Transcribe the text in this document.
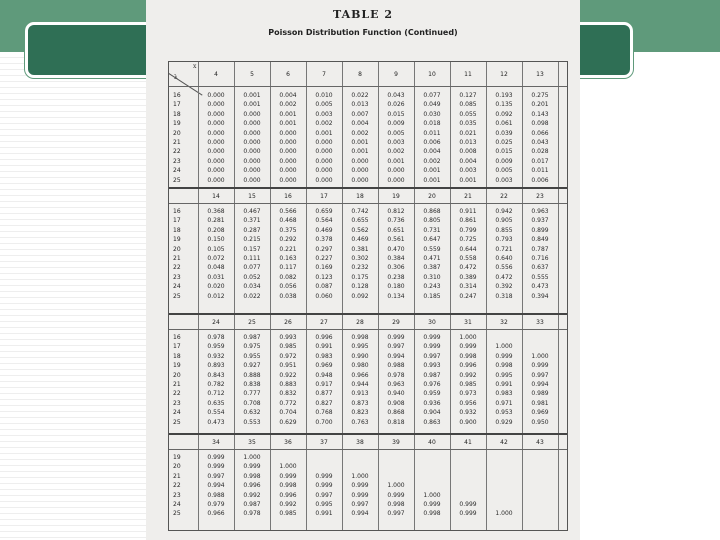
TABLE 2
Poisson Distribution Function (Continued)
λ
x
4	5	6	7	8	9	10	11	12	13
16	0.000	0.001	0.004	0.010	0.022	0.043	0.077	0.127	0.193	0.275
17	0.000	0.001	0.002	0.005	0.013	0.026	0.049	0.085	0.135	0.201
18	0.000	0.000	0.001	0.003	0.007	0.015	0.030	0.055	0.092	0.143
19	0.000	0.000	0.001	0.002	0.004	0.009	0.018	0.035	0.061	0.098
20	0.000	0.000	0.000	0.001	0.002	0.005	0.011	0.021	0.039	0.066
21	0.000	0.000	0.000	0.000	0.001	0.003	0.006	0.013	0.025	0.043
22	0.000	0.000	0.000	0.000	0.001	0.002	0.004	0.008	0.015	0.028
23	0.000	0.000	0.000	0.000	0.000	0.001	0.002	0.004	0.009	0.017
24	0.000	0.000	0.000	0.000	0.000	0.000	0.001	0.003	0.005	0.011
25	0.000	0.000	0.000	0.000	0.000	0.000	0.001	0.001	0.003	0.006
14	15	16	17	18	19	20	21	22	23
16	0.368	0.467	0.566	0.659	0.742	0.812	0.868	0.911	0.942	0.963
17	0.281	0.371	0.468	0.564	0.655	0.736	0.805	0.861	0.905	0.937
18	0.208	0.287	0.375	0.469	0.562	0.651	0.731	0.799	0.855	0.899
19	0.150	0.215	0.292	0.378	0.469	0.561	0.647	0.725	0.793	0.849
20	0.105	0.157	0.221	0.297	0.381	0.470	0.559	0.644	0.721	0.787
21	0.072	0.111	0.163	0.227	0.302	0.384	0.471	0.558	0.640	0.716
22	0.048	0.077	0.117	0.169	0.232	0.306	0.387	0.472	0.556	0.637
23	0.031	0.052	0.082	0.123	0.175	0.238	0.310	0.389	0.472	0.555
24	0.020	0.034	0.056	0.087	0.128	0.180	0.243	0.314	0.392	0.473
25	0.012	0.022	0.038	0.060	0.092	0.134	0.185	0.247	0.318	0.394
24	25	26	27	28	29	30	31	32	33
16	0.978	0.987	0.993	0.996	0.998	0.999	0.999	1.000
17	0.959	0.975	0.985	0.991	0.995	0.997	0.999	0.999	1.000
18	0.932	0.955	0.972	0.983	0.990	0.994	0.997	0.998	0.999	1.000
19	0.893	0.927	0.951	0.969	0.980	0.988	0.993	0.996	0.998	0.999
20	0.843	0.888	0.922	0.948	0.966	0.978	0.987	0.992	0.995	0.997
21	0.782	0.838	0.883	0.917	0.944	0.963	0.976	0.985	0.991	0.994
22	0.712	0.777	0.832	0.877	0.913	0.940	0.959	0.973	0.983	0.989
23	0.635	0.708	0.772	0.827	0.873	0.908	0.936	0.956	0.971	0.981
24	0.554	0.632	0.704	0.768	0.823	0.868	0.904	0.932	0.953	0.969
25	0.473	0.553	0.629	0.700	0.763	0.818	0.863	0.900	0.929	0.950
34	35	36	37	38	39	40	41	42	43
19	0.999	1.000
20	0.999	0.999	1.000
21	0.997	0.998	0.999	0.999	1.000
22	0.994	0.996	0.998	0.999	0.999	1.000
23	0.988	0.992	0.996	0.997	0.999	0.999	1.000
24	0.979	0.987	0.992	0.995	0.997	0.998	0.999	0.999
25	0.966	0.978	0.985	0.991	0.994	0.997	0.998	0.999	1.000
